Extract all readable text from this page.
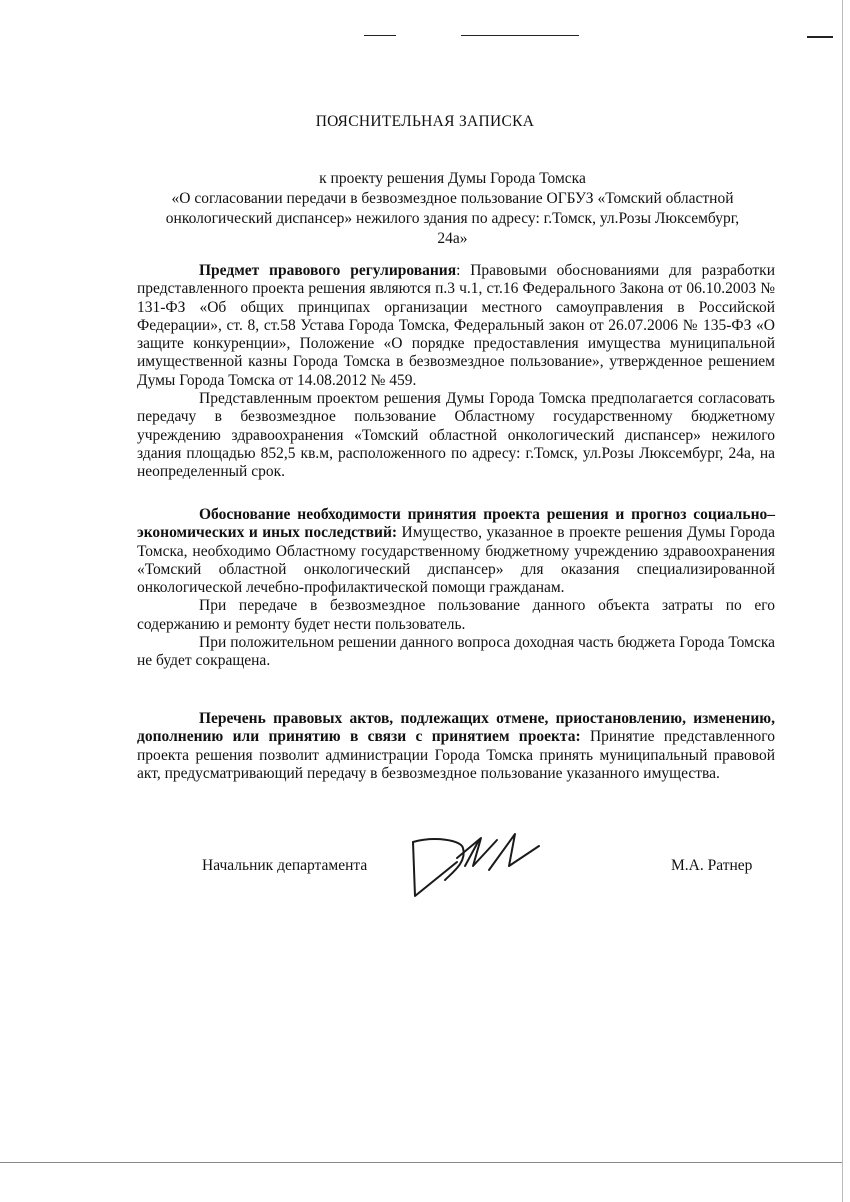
ПОЯСНИТЕЛЬНАЯ ЗАПИСКА
к проекту решения Думы Города Томска
«О согласовании передачи в безвозмездное пользование ОГБУЗ «Томский областной онкологический диспансер» нежилого здания по адресу: г.Томск, ул.Розы Люксембург, 24а»

Предмет правового регулирования: Правовыми обоснованиями для разработки представленного проекта решения являются п.3 ч.1, ст.16 Федерального Закона от 06.10.2003 № 131-ФЗ «Об общих принципах организации местного самоуправления в Российской Федерации», ст. 8, ст.58 Устава Города Томска, Федеральный закон от 26.07.2006 № 135-ФЗ «О защите конкуренции», Положение «О порядке предоставления имущества муниципальной имущественной казны Города Томска в безвозмездное пользование», утвержденное решением Думы Города Томска от 14.08.2012 № 459.

Представленным проектом решения Думы Города Томска предполагается согласовать передачу в безвозмездное пользование Областному государственному бюджетному учреждению здравоохранения «Томский областной онкологический диспансер» нежилого здания площадью 852,5 кв.м, расположенного по адресу: г.Томск, ул.Розы Люксембург, 24а, на неопределенный срок.

Обоснование необходимости принятия проекта решения и прогноз социально–экономических и иных последствий: Имущество, указанное в проекте решения Думы Города Томска, необходимо Областному государственному бюджетному учреждению здравоохранения «Томский областной онкологический диспансер» для оказания специализированной онкологической лечебно-профилактической помощи гражданам.

При передаче в безвозмездное пользование данного объекта затраты по его содержанию и ремонту будет нести пользователь.

При положительном решении данного вопроса доходная часть бюджета Города Томска не будет сокращена.

Перечень правовых актов, подлежащих отмене, приостановлению, изменению, дополнению или принятию в связи с принятием проекта: Принятие представленного проекта решения позволит администрации Города Томска принять муниципальный правовой акт, предусматривающий передачу в безвозмездное пользование указанного имущества.

Начальник департамента	М.А. Ратнер
